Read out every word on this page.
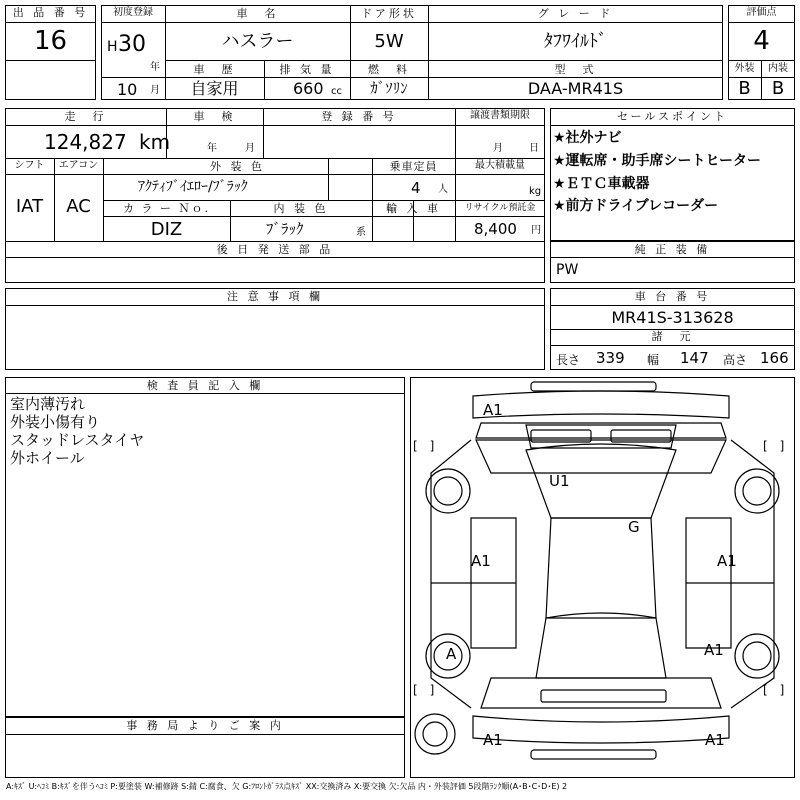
出 品 番 号
16
初度登録
H 30
年
10 月
車　名
ハスラー
車　歴
自家用
排 気 量
660 cc
ドア形状
5W
燃　料
ｶﾞｿﾘﾝ
グ レ ー ド
ﾀﾌﾜｲﾙﾄﾞ
型　式
DAA-MR41S
評価点
4
外装	内装
B	B
走　行
124,827 km
車　検
年	月
登 録 番 号	譲渡書類期限
月	日
シフト
IAT
エアコン
AC
外 装 色
ｱｸﾃｨﾌﾞｲｴﾛｰ/ﾌﾞﾗｯｸ
乗車定員
4 人
最大積載量
kg
カ ラ ー Ｎｏ.
DIZ
内 装 色
ﾌﾞﾗｯｸ	系
輸 入 車	リサイクル預託金
8,400 円
後 日 発 送 部 品
セールスポイント
★社外ナビ
★運転席・助手席シートヒーター
★ＥＴＣ車載器
★前方ドライブレコーダー
純 正 装 備
PW
注 意 事 項 欄	車 台 番 号
MR41S-313628
諸　元
長さ 339 幅 147 高さ 166
検 査 員 記 入 欄
室内薄汚れ
外装小傷有り
スタッドレスタイヤ
外ホイール
事 務 局 よ り ご 案 内
[　]	[　]
[　]	[　]
A1
U1
G
A1	A1
A	A1
A1	A1
A:ｷｽﾞ U:ﾍｺﾐ B:ｷｽﾞを伴うﾍｺﾐ P:要塗装 W:補修跡 S:錆 C:腐食、欠 G:ﾌﾛﾝﾄｶﾞﾗｽ点ｷｽﾞ XX:交換済み X:要交換 欠:欠品 内・外装評価 5段階ﾗﾝｸ順(A･B･C･D･E) 2
